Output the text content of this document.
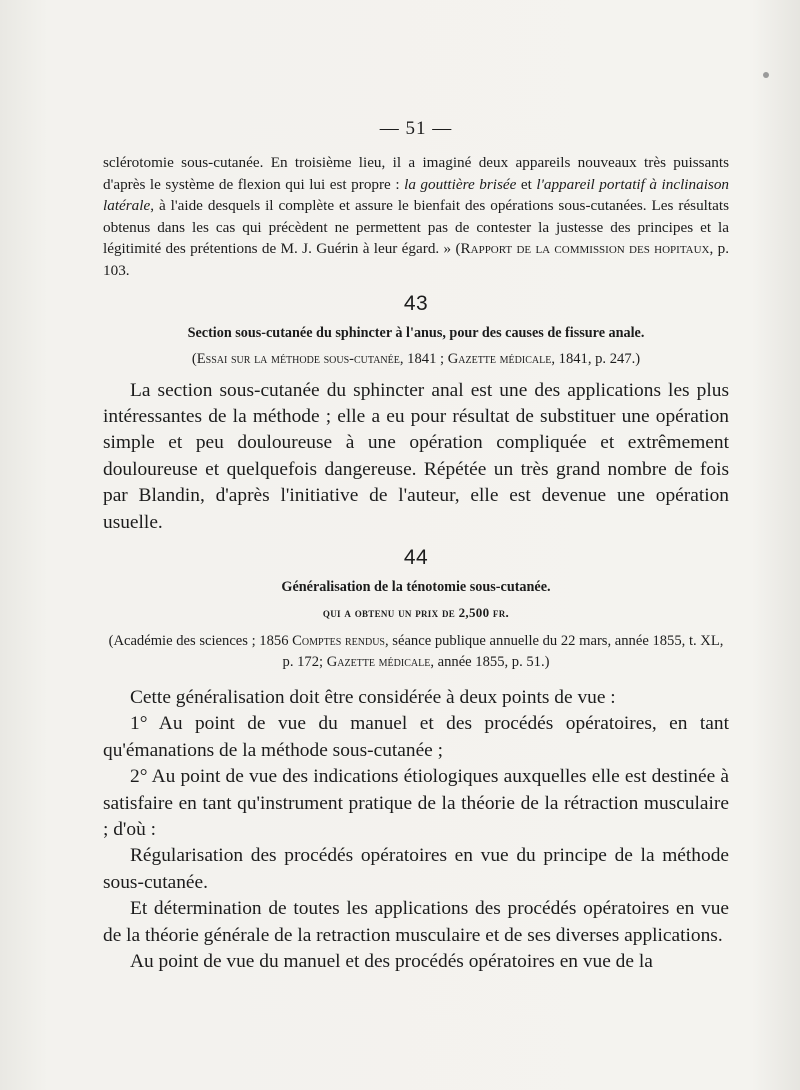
— 51 —

sclérotomie sous-cutanée. En troisième lieu, il a imaginé deux appareils nouveaux très puissants d'après le système de flexion qui lui est propre : la gouttière brisée et l'appareil portatif à inclinaison latérale, à l'aide desquels il complète et assure le bienfait des opérations sous-cutanées. Les résultats obtenus dans les cas qui précèdent ne permettent pas de contester la justesse des principes et la légitimité des prétentions de M. J. Guérin à leur égard. » (Rapport de la commission des hopitaux, p. 103.

43
Section sous-cutanée du sphincter à l'anus, pour des causes de fissure anale.
(Essai sur la méthode sous-cutanée, 1841 ; Gazette médicale, 1841, p. 247.)

La section sous-cutanée du sphincter anal est une des applications les plus intéressantes de la méthode ; elle a eu pour résultat de substituer une opération simple et peu douloureuse à une opération compliquée et extrêmement douloureuse et quelquefois dangereuse. Répétée un très grand nombre de fois par Blandin, d'après l'initiative de l'auteur, elle est devenue une opération usuelle.

44
Généralisation de la ténotomie sous-cutanée.
qui a obtenu un prix de 2,500 fr.
(Académie des sciences ; 1856 Comptes rendus, séance publique annuelle du 22 mars, année 1855, t. XL, p. 172; Gazette médicale, année 1855, p. 51.)

Cette généralisation doit être considérée à deux points de vue :

1° Au point de vue du manuel et des procédés opératoires, en tant qu'émanations de la méthode sous-cutanée ;

2° Au point de vue des indications étiologiques auxquelles elle est destinée à satisfaire en tant qu'instrument pratique de la théorie de la rétraction musculaire ; d'où :

Régularisation des procédés opératoires en vue du principe de la méthode sous-cutanée.

Et détermination de toutes les applications des procédés opératoires en vue de la théorie générale de la retraction musculaire et de ses diverses applications.

Au point de vue du manuel et des procédés opératoires en vue de la
